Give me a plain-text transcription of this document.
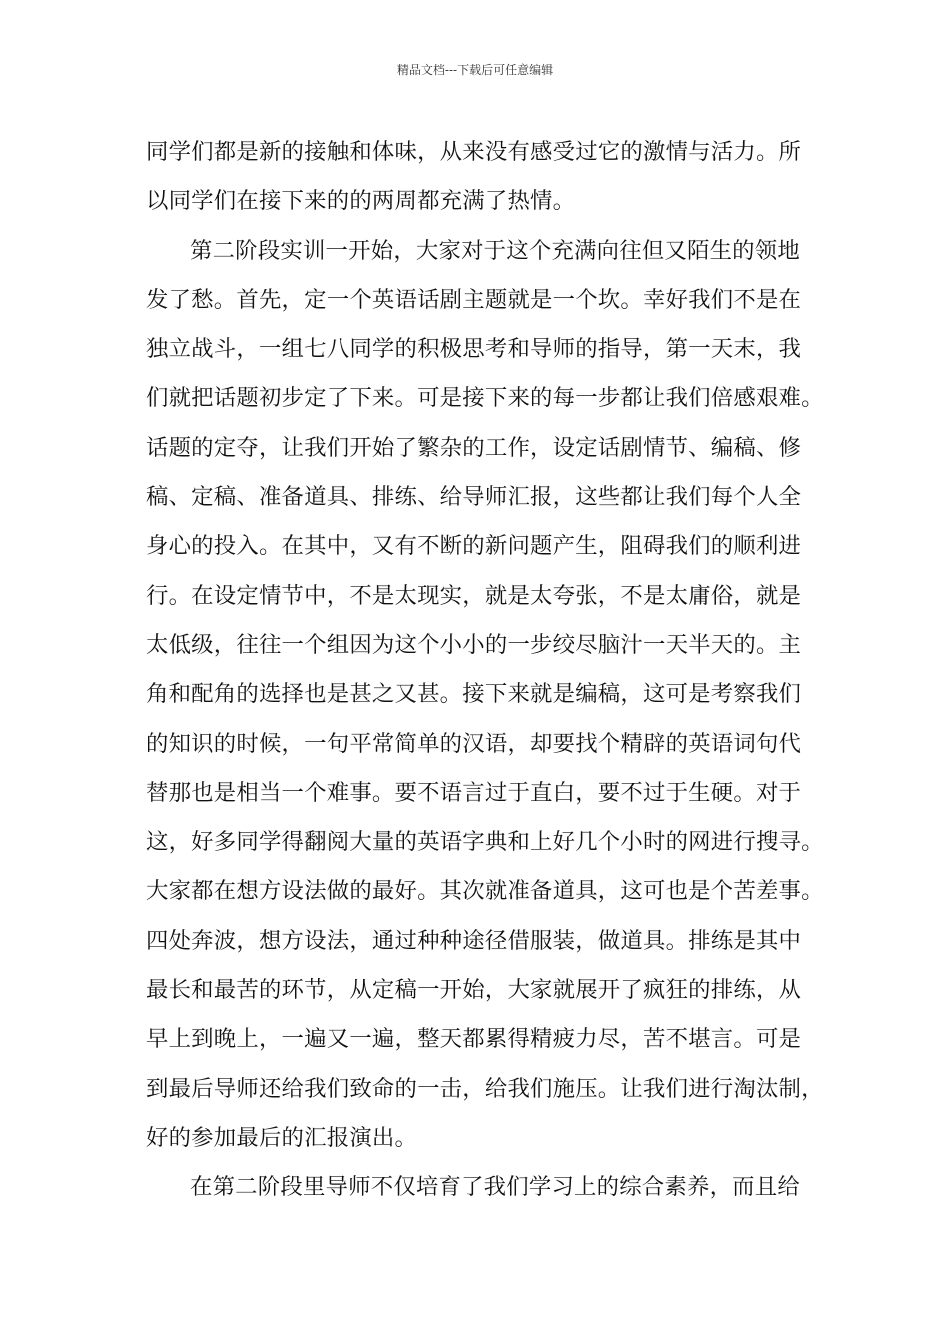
精品文档---下载后可任意编辑
同学们都是新的接触和体味，从来没有感受过它的激情与活力。所
以同学们在接下来的的两周都充满了热情。
第二阶段实训一开始，大家对于这个充满向往但又陌生的领地
发了愁。首先，定一个英语话剧主题就是一个坎。幸好我们不是在
独立战斗，一组七八同学的积极思考和导师的指导，第一天末，我
们就把话题初步定了下来。可是接下来的每一步都让我们倍感艰难。
话题的定夺，让我们开始了繁杂的工作，设定话剧情节、编稿、修
稿、定稿、准备道具、排练、给导师汇报，这些都让我们每个人全
身心的投入。在其中，又有不断的新问题产生，阻碍我们的顺利进
行。在设定情节中，不是太现实，就是太夸张，不是太庸俗，就是
太低级，往往一个组因为这个小小的一步绞尽脑汁一天半天的。主
角和配角的选择也是甚之又甚。接下来就是编稿，这可是考察我们
的知识的时候，一句平常简单的汉语，却要找个精辟的英语词句代
替那也是相当一个难事。要不语言过于直白，要不过于生硬。对于
这，好多同学得翻阅大量的英语字典和上好几个小时的网进行搜寻。
大家都在想方设法做的最好。其次就准备道具，这可也是个苦差事。
四处奔波，想方设法，通过种种途径借服装，做道具。排练是其中
最长和最苦的环节，从定稿一开始，大家就展开了疯狂的排练，从
早上到晚上，一遍又一遍，整天都累得精疲力尽，苦不堪言。可是
到最后导师还给我们致命的一击，给我们施压。让我们进行淘汰制，
好的参加最后的汇报演出。
在第二阶段里导师不仅培育了我们学习上的综合素养，而且给
